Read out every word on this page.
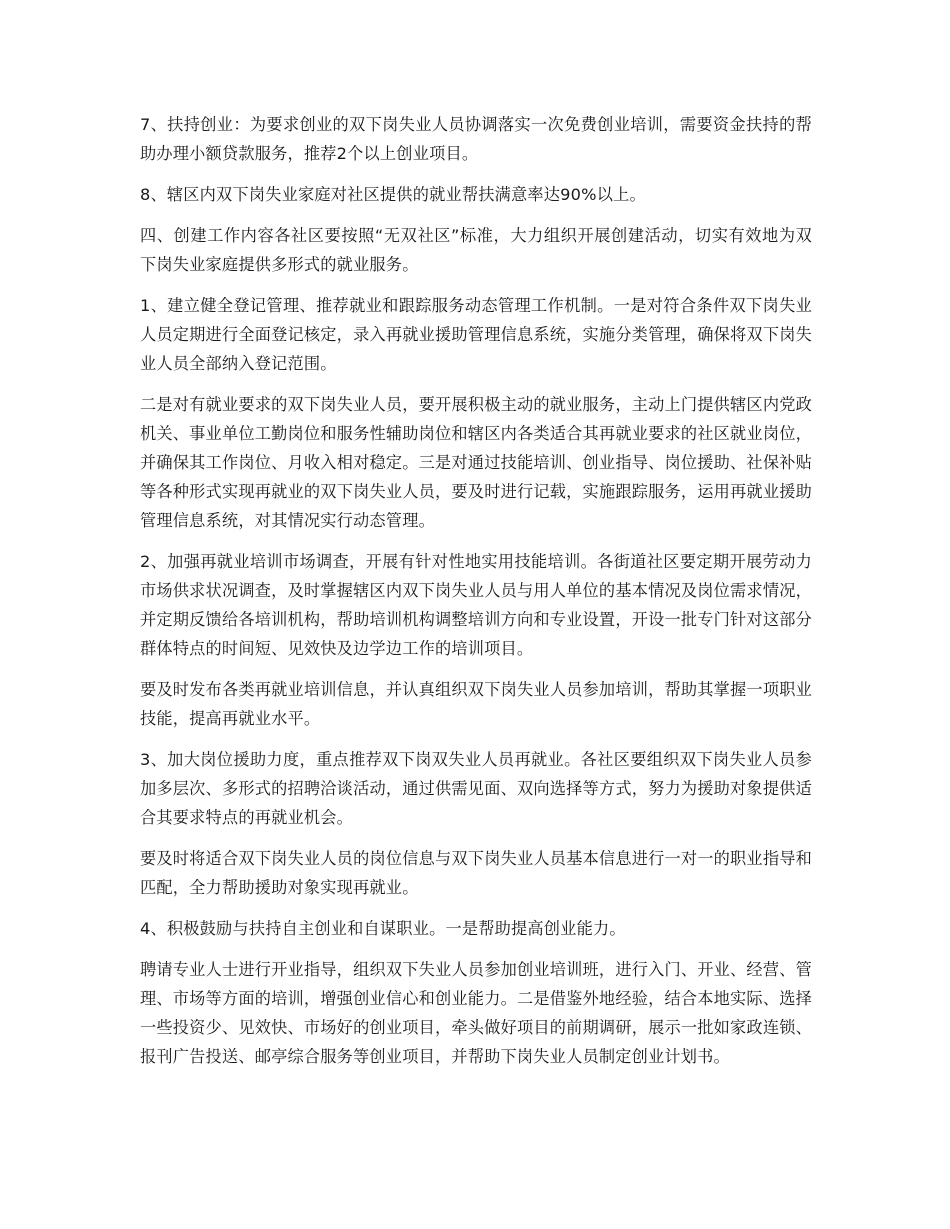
7、扶持创业：为要求创业的双下岗失业人员协调落实一次免费创业培训，需要资金扶持的帮助办理小额贷款服务，推荐2个以上创业项目。

8、辖区内双下岗失业家庭对社区提供的就业帮扶满意率达90%以上。

四、创建工作内容各社区要按照“无双社区”标准，大力组织开展创建活动，切实有效地为双下岗失业家庭提供多形式的就业服务。

1、建立健全登记管理、推荐就业和跟踪服务动态管理工作机制。一是对符合条件双下岗失业人员定期进行全面登记核定，录入再就业援助管理信息系统，实施分类管理，确保将双下岗失业人员全部纳入登记范围。

二是对有就业要求的双下岗失业人员，要开展积极主动的就业服务，主动上门提供辖区内党政机关、事业单位工勤岗位和服务性辅助岗位和辖区内各类适合其再就业要求的社区就业岗位，并确保其工作岗位、月收入相对稳定。三是对通过技能培训、创业指导、岗位援助、社保补贴等各种形式实现再就业的双下岗失业人员，要及时进行记载，实施跟踪服务，运用再就业援助管理信息系统，对其情况实行动态管理。

2、加强再就业培训市场调查，开展有针对性地实用技能培训。各街道社区要定期开展劳动力市场供求状况调查，及时掌握辖区内双下岗失业人员与用人单位的基本情况及岗位需求情况，并定期反馈给各培训机构，帮助培训机构调整培训方向和专业设置，开设一批专门针对这部分群体特点的时间短、见效快及边学边工作的培训项目。

要及时发布各类再就业培训信息，并认真组织双下岗失业人员参加培训，帮助其掌握一项职业技能，提高再就业水平。

3、加大岗位援助力度，重点推荐双下岗双失业人员再就业。各社区要组织双下岗失业人员参加多层次、多形式的招聘洽谈活动，通过供需见面、双向选择等方式，努力为援助对象提供适合其要求特点的再就业机会。

要及时将适合双下岗失业人员的岗位信息与双下岗失业人员基本信息进行一对一的职业指导和匹配，全力帮助援助对象实现再就业。

4、积极鼓励与扶持自主创业和自谋职业。一是帮助提高创业能力。

聘请专业人士进行开业指导，组织双下失业人员参加创业培训班，进行入门、开业、经营、管理、市场等方面的培训，增强创业信心和创业能力。二是借鉴外地经验，结合本地实际、选择一些投资少、见效快、市场好的创业项目，牵头做好项目的前期调研，展示一批如家政连锁、报刊广告投送、邮亭综合服务等创业项目，并帮助下岗失业人员制定创业计划书。
